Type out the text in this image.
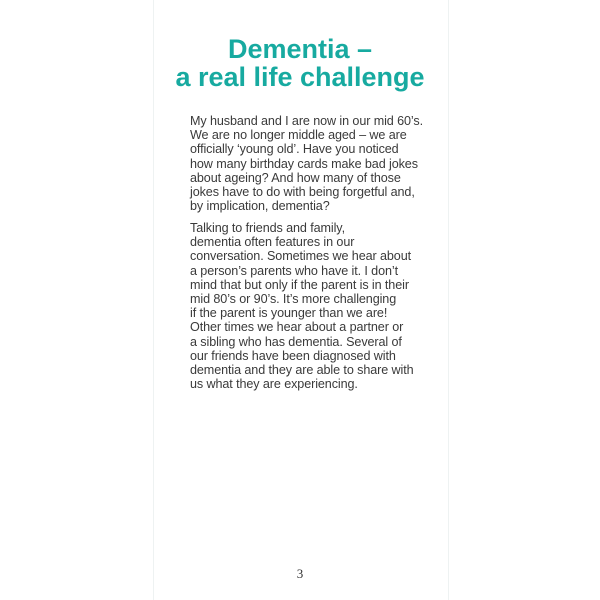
Dementia –
a real life challenge
My husband and I are now in our mid 60’s.
We are no longer middle aged – we are
officially ‘young old’. Have you noticed
how many birthday cards make bad jokes
about ageing? And how many of those
jokes have to do with being forgetful and,
by implication, dementia?
Talking to friends and family,
dementia often features in our
conversation. Sometimes we hear about
a person’s parents who have it. I don’t
mind that but only if the parent is in their
mid 80’s or 90’s. It’s more challenging
if the parent is younger than we are!
Other times we hear about a partner or
a sibling who has dementia. Several of
our friends have been diagnosed with
dementia and they are able to share with
us what they are experiencing.
3
